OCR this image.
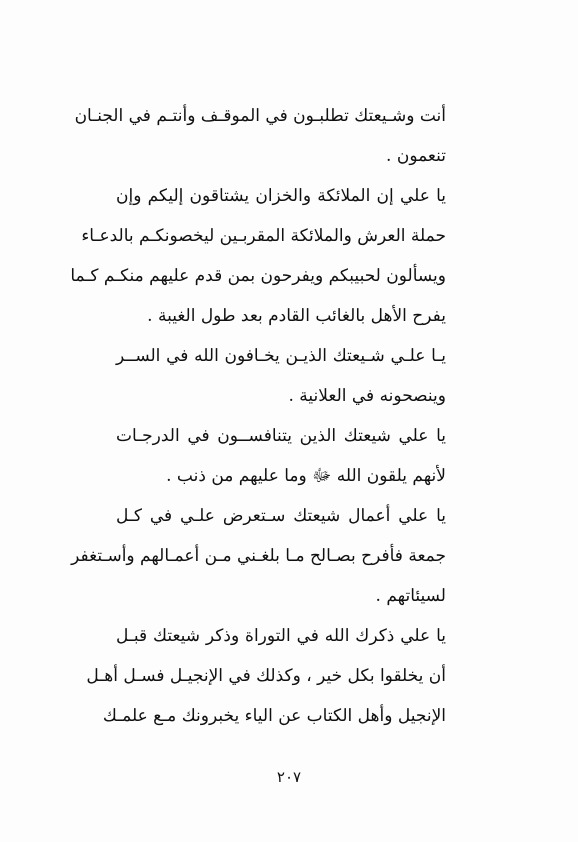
أنت وشـيعتك تطلبـون في الموقـف وأنتـم في الجنـان
تنعمون .
يا علي إن الملائكة والخزان يشتاقون إليكم وإن
حملة العرش والملائكة المقربـين ليخصونكـم بالدعـاء
ويسألون لحبيبكم ويفرحون بمن قدم عليهم منكـم كـما
يفرح الأهل بالغائب القادم بعد طول الغيبة .
يـا علـي شـيعتك الذيـن يخـافون الله في الســر
وينصحونه في العلانية .
يا علي شيعتك الذين يتنافســون في الدرجـات
لأنهم يلقون الله ﷻ وما عليهم من ذنب .
يا علي أعمال شيعتك سـتعرض علـي في كـل
جمعة فأفرح بصـالح مـا بلغـني مـن أعمـالهم وأسـتغفر
لسيئاتهم .
يا علي ذكرك الله في التوراة وذكر شيعتك قبـل
أن يخلقوا بكل خير ، وكذلك في الإنجيـل فسـل أهـل
الإنجيل وأهل الكتاب عن الياء يخبرونك مـع علمـك
٢٠٧
